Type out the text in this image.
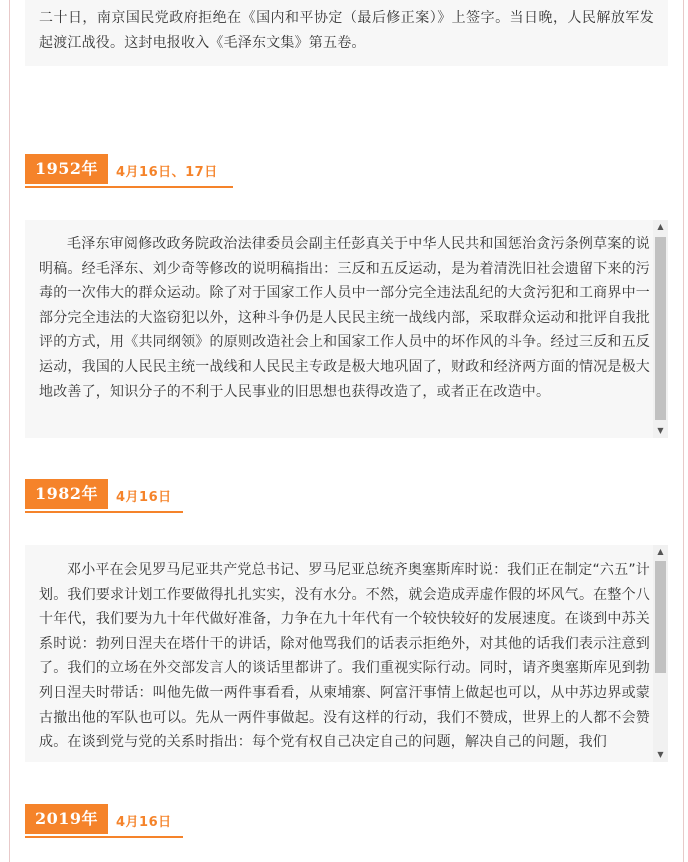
二十日，南京国民党政府拒绝在《国内和平协定（最后修正案）》上签字。当日晚，人民解放军发起渡江战役。这封电报收入《毛泽东文集》第五卷。

1952年	4月16日、17日

毛泽东审阅修改政务院政治法律委员会副主任彭真关于中华人民共和国惩治贪污条例草案的说明稿。经毛泽东、刘少奇等修改的说明稿指出：三反和五反运动，是为着清洗旧社会遗留下来的污毒的一次伟大的群众运动。除了对于国家工作人员中一部分完全违法乱纪的大贪污犯和工商界中一部分完全违法的大盗窃犯以外，这种斗争仍是人民民主统一战线内部，采取群众运动和批评自我批评的方式，用《共同纲领》的原则改造社会上和国家工作人员中的坏作风的斗争。经过三反和五反运动，我国的人民民主统一战线和人民民主专政是极大地巩固了，财政和经济两方面的情况是极大地改善了，知识分子的不利于人民事业的旧思想也获得改造了，或者正在改造中。

▲
▼
1982年	4月16日

邓小平在会见罗马尼亚共产党总书记、罗马尼亚总统齐奥塞斯库时说：我们正在制定“六五”计划。我们要求计划工作要做得扎扎实实，没有水分。不然，就会造成弄虚作假的坏风气。在整个八十年代，我们要为九十年代做好准备，力争在九十年代有一个较快较好的发展速度。在谈到中苏关系时说：勃列日涅夫在塔什干的讲话，除对他骂我们的话表示拒绝外，对其他的话我们表示注意到了。我们的立场在外交部发言人的谈话里都讲了。我们重视实际行动。同时，请齐奥塞斯库见到勃列日涅夫时带话：叫他先做一两件事看看，从柬埔寨、阿富汗事情上做起也可以，从中苏边界或蒙古撤出他的军队也可以。先从一两件事做起。没有这样的行动，我们不赞成，世界上的人都不会赞成。在谈到党与党的关系时指出：每个党有权自己决定自己的问题，解决自己的问题，我们

▲
▼
2019年	4月16日
